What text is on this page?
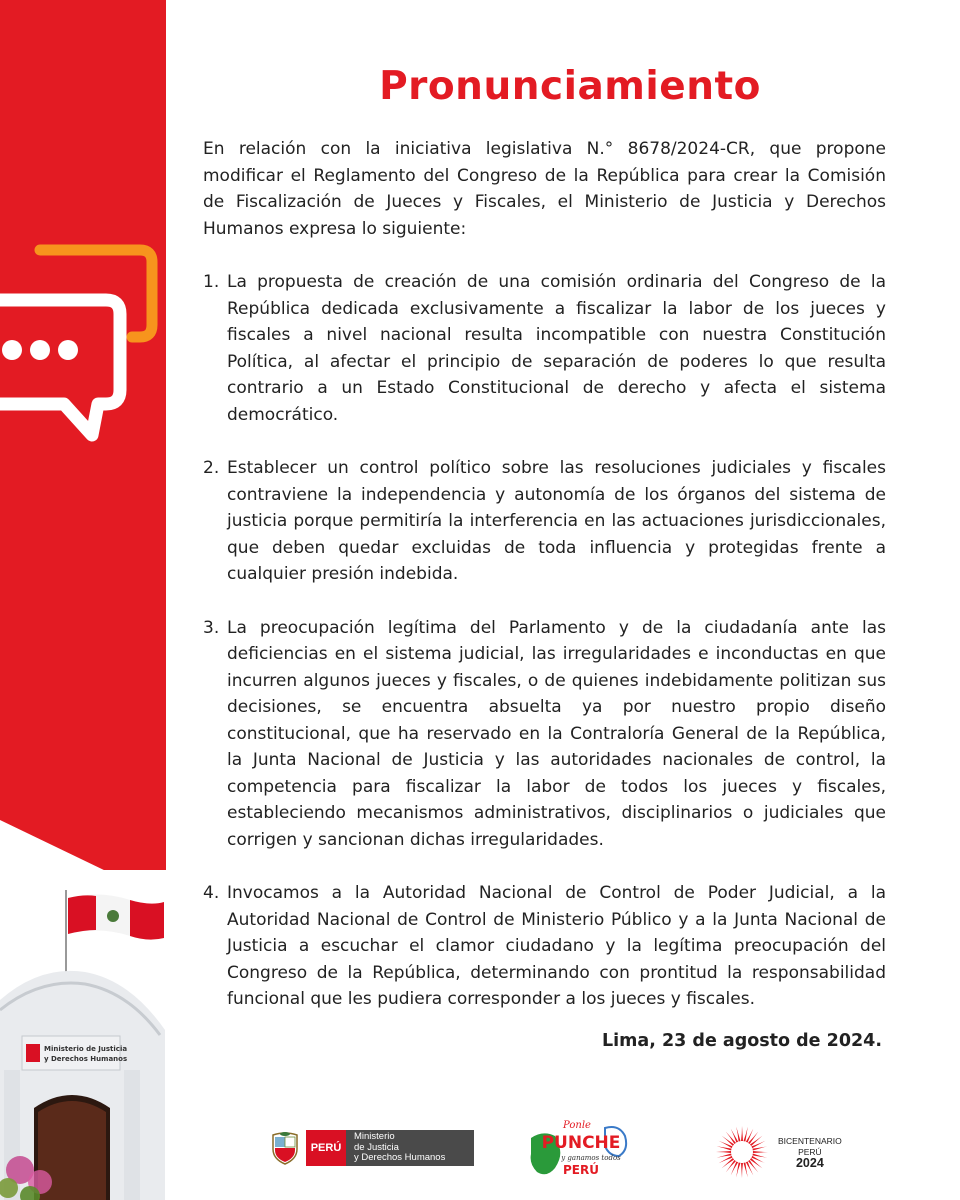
Ministerio de Justicia
y Derechos Humanos
Pronunciamiento

En relación con la iniciativa legislativa N.° 8678/2024-CR, que propone modificar el Reglamento del Congreso de la República para crear la Comisión de Fiscalización de Jueces y Fiscales, el Ministerio de Justicia y Derechos Humanos expresa lo siguiente:

1. La propuesta de creación de una comisión ordinaria del Congreso de la República dedicada exclusivamente a fiscalizar la labor de los jueces y fiscales a nivel nacional resulta incompatible con nuestra Constitución Política, al afectar el principio de separación de poderes lo que resulta contrario a un Estado Constitucional de derecho y afecta el sistema democrático.
2. Establecer un control político sobre las resoluciones judiciales y fiscales contraviene la independencia y autonomía de los órganos del sistema de justicia porque permitiría la interferencia en las actuaciones jurisdiccionales, que deben quedar excluidas de toda influencia y protegidas frente a cualquier presión indebida.
3. La preocupación legítima del Parlamento y de la ciudadanía ante las deficiencias en el sistema judicial, las irregularidades e inconductas en que incurren algunos jueces y fiscales, o de quienes indebidamente politizan sus decisiones, se encuentra absuelta ya por nuestro propio diseño constitucional, que ha reservado en la Contraloría General de la República, la Junta Nacional de Justicia y las autoridades nacionales de control, la competencia para fiscalizar la labor de todos los jueces y fiscales, estableciendo mecanismos administrativos, disciplinarios o judiciales que corrigen y sancionan dichas irregularidades.
4. Invocamos a la Autoridad Nacional de Control de Poder Judicial, a la Autoridad Nacional de Control de Ministerio Público y a la Junta Nacional de Justicia a escuchar el clamor ciudadano y la legítima preocupación del Congreso de la República, determinando con prontitud la responsabilidad funcional que les pudiera corresponder a los jueces y fiscales.

Lima, 23 de agosto de 2024.

PERÚ
Ministerio
de Justicia
y Derechos Humanos
Ponle
PUNCHE
y ganamos todos
PERÚ
BICENTENARIO
PERÚ
2024
